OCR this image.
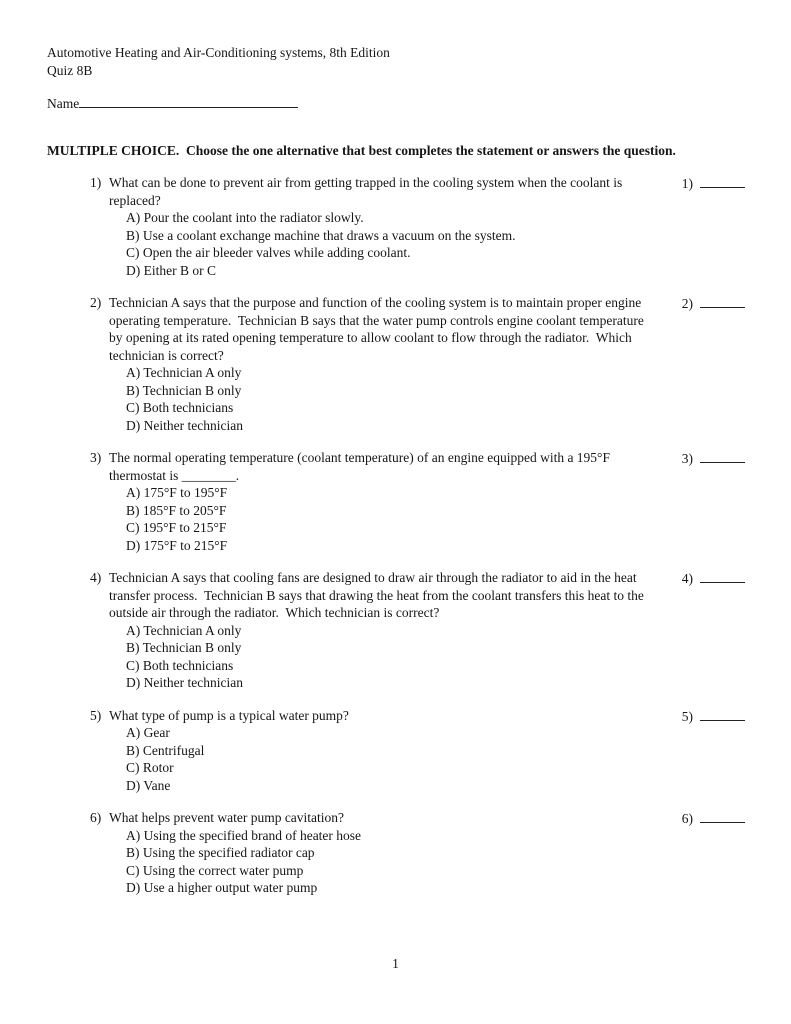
Automotive Heating and Air-Conditioning systems, 8th Edition
Quiz 8B
Name
MULTIPLE CHOICE.  Choose the one alternative that best completes the statement or answers the question.
1) What can be done to prevent air from getting trapped in the cooling system when the coolant is replaced?
A) Pour the coolant into the radiator slowly.
B) Use a coolant exchange machine that draws a vacuum on the system.
C) Open the air bleeder valves while adding coolant.
D) Either B or C
1)
2) Technician A says that the purpose and function of the cooling system is to maintain proper engine operating temperature.  Technician B says that the water pump controls engine coolant temperature by opening at its rated opening temperature to allow coolant to flow through the radiator.  Which technician is correct?
A) Technician A only
B) Technician B only
C) Both technicians
D) Neither technician
2)
3) The normal operating temperature (coolant temperature) of an engine equipped with a 195°F thermostat is ________.
A) 175°F to 195°F
B) 185°F to 205°F
C) 195°F to 215°F
D) 175°F to 215°F
3)
4) Technician A says that cooling fans are designed to draw air through the radiator to aid in the heat transfer process.  Technician B says that drawing the heat from the coolant transfers this heat to the outside air through the radiator.  Which technician is correct?
A) Technician A only
B) Technician B only
C) Both technicians
D) Neither technician
4)
5) What type of pump is a typical water pump?
A) Gear
B) Centrifugal
C) Rotor
D) Vane
5)
6) What helps prevent water pump cavitation?
A) Using the specified brand of heater hose
B) Using the specified radiator cap
C) Using the correct water pump
D) Use a higher output water pump
6)
1
